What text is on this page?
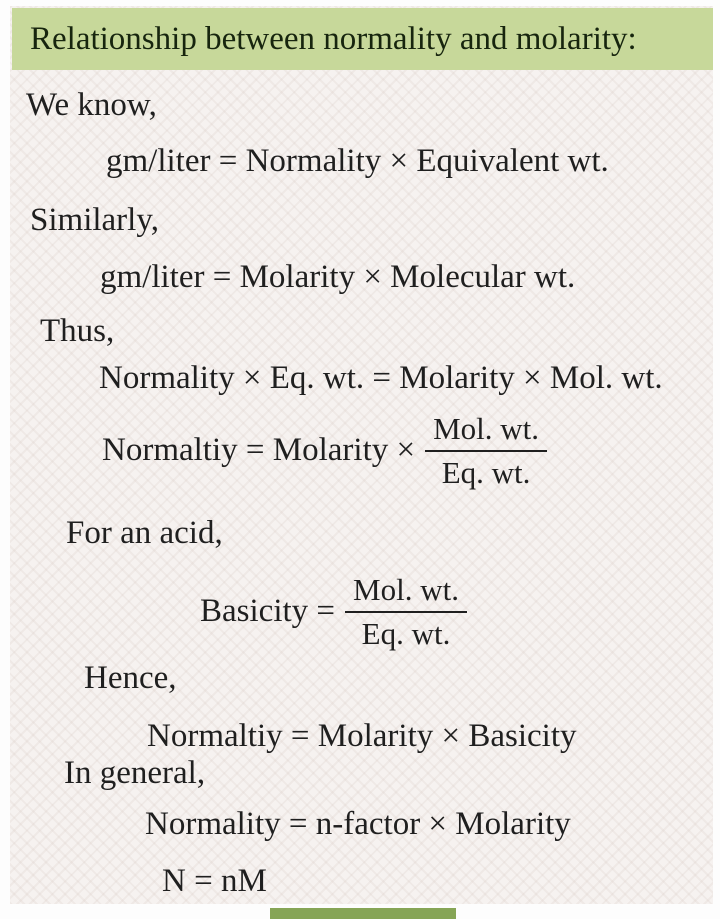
Relationship between normality and molarity:
We know,
gm/liter = Normality × Equivalent wt.
Similarly,
gm/liter = Molarity × Molecular wt.
Thus,
Normality × Eq. wt. = Molarity × Mol. wt.
Normaltiy = Molarity × $\frac{\text{Mol. wt.}}{Eq. wt.}$
For an acid,
Basicity = $\frac{\text{Mol. wt.}}{Eq. wt.}$
Hence,
Normaltiy = Molarity × Basicity
In general,
Normality = n-factor × Molarity
N = nM
